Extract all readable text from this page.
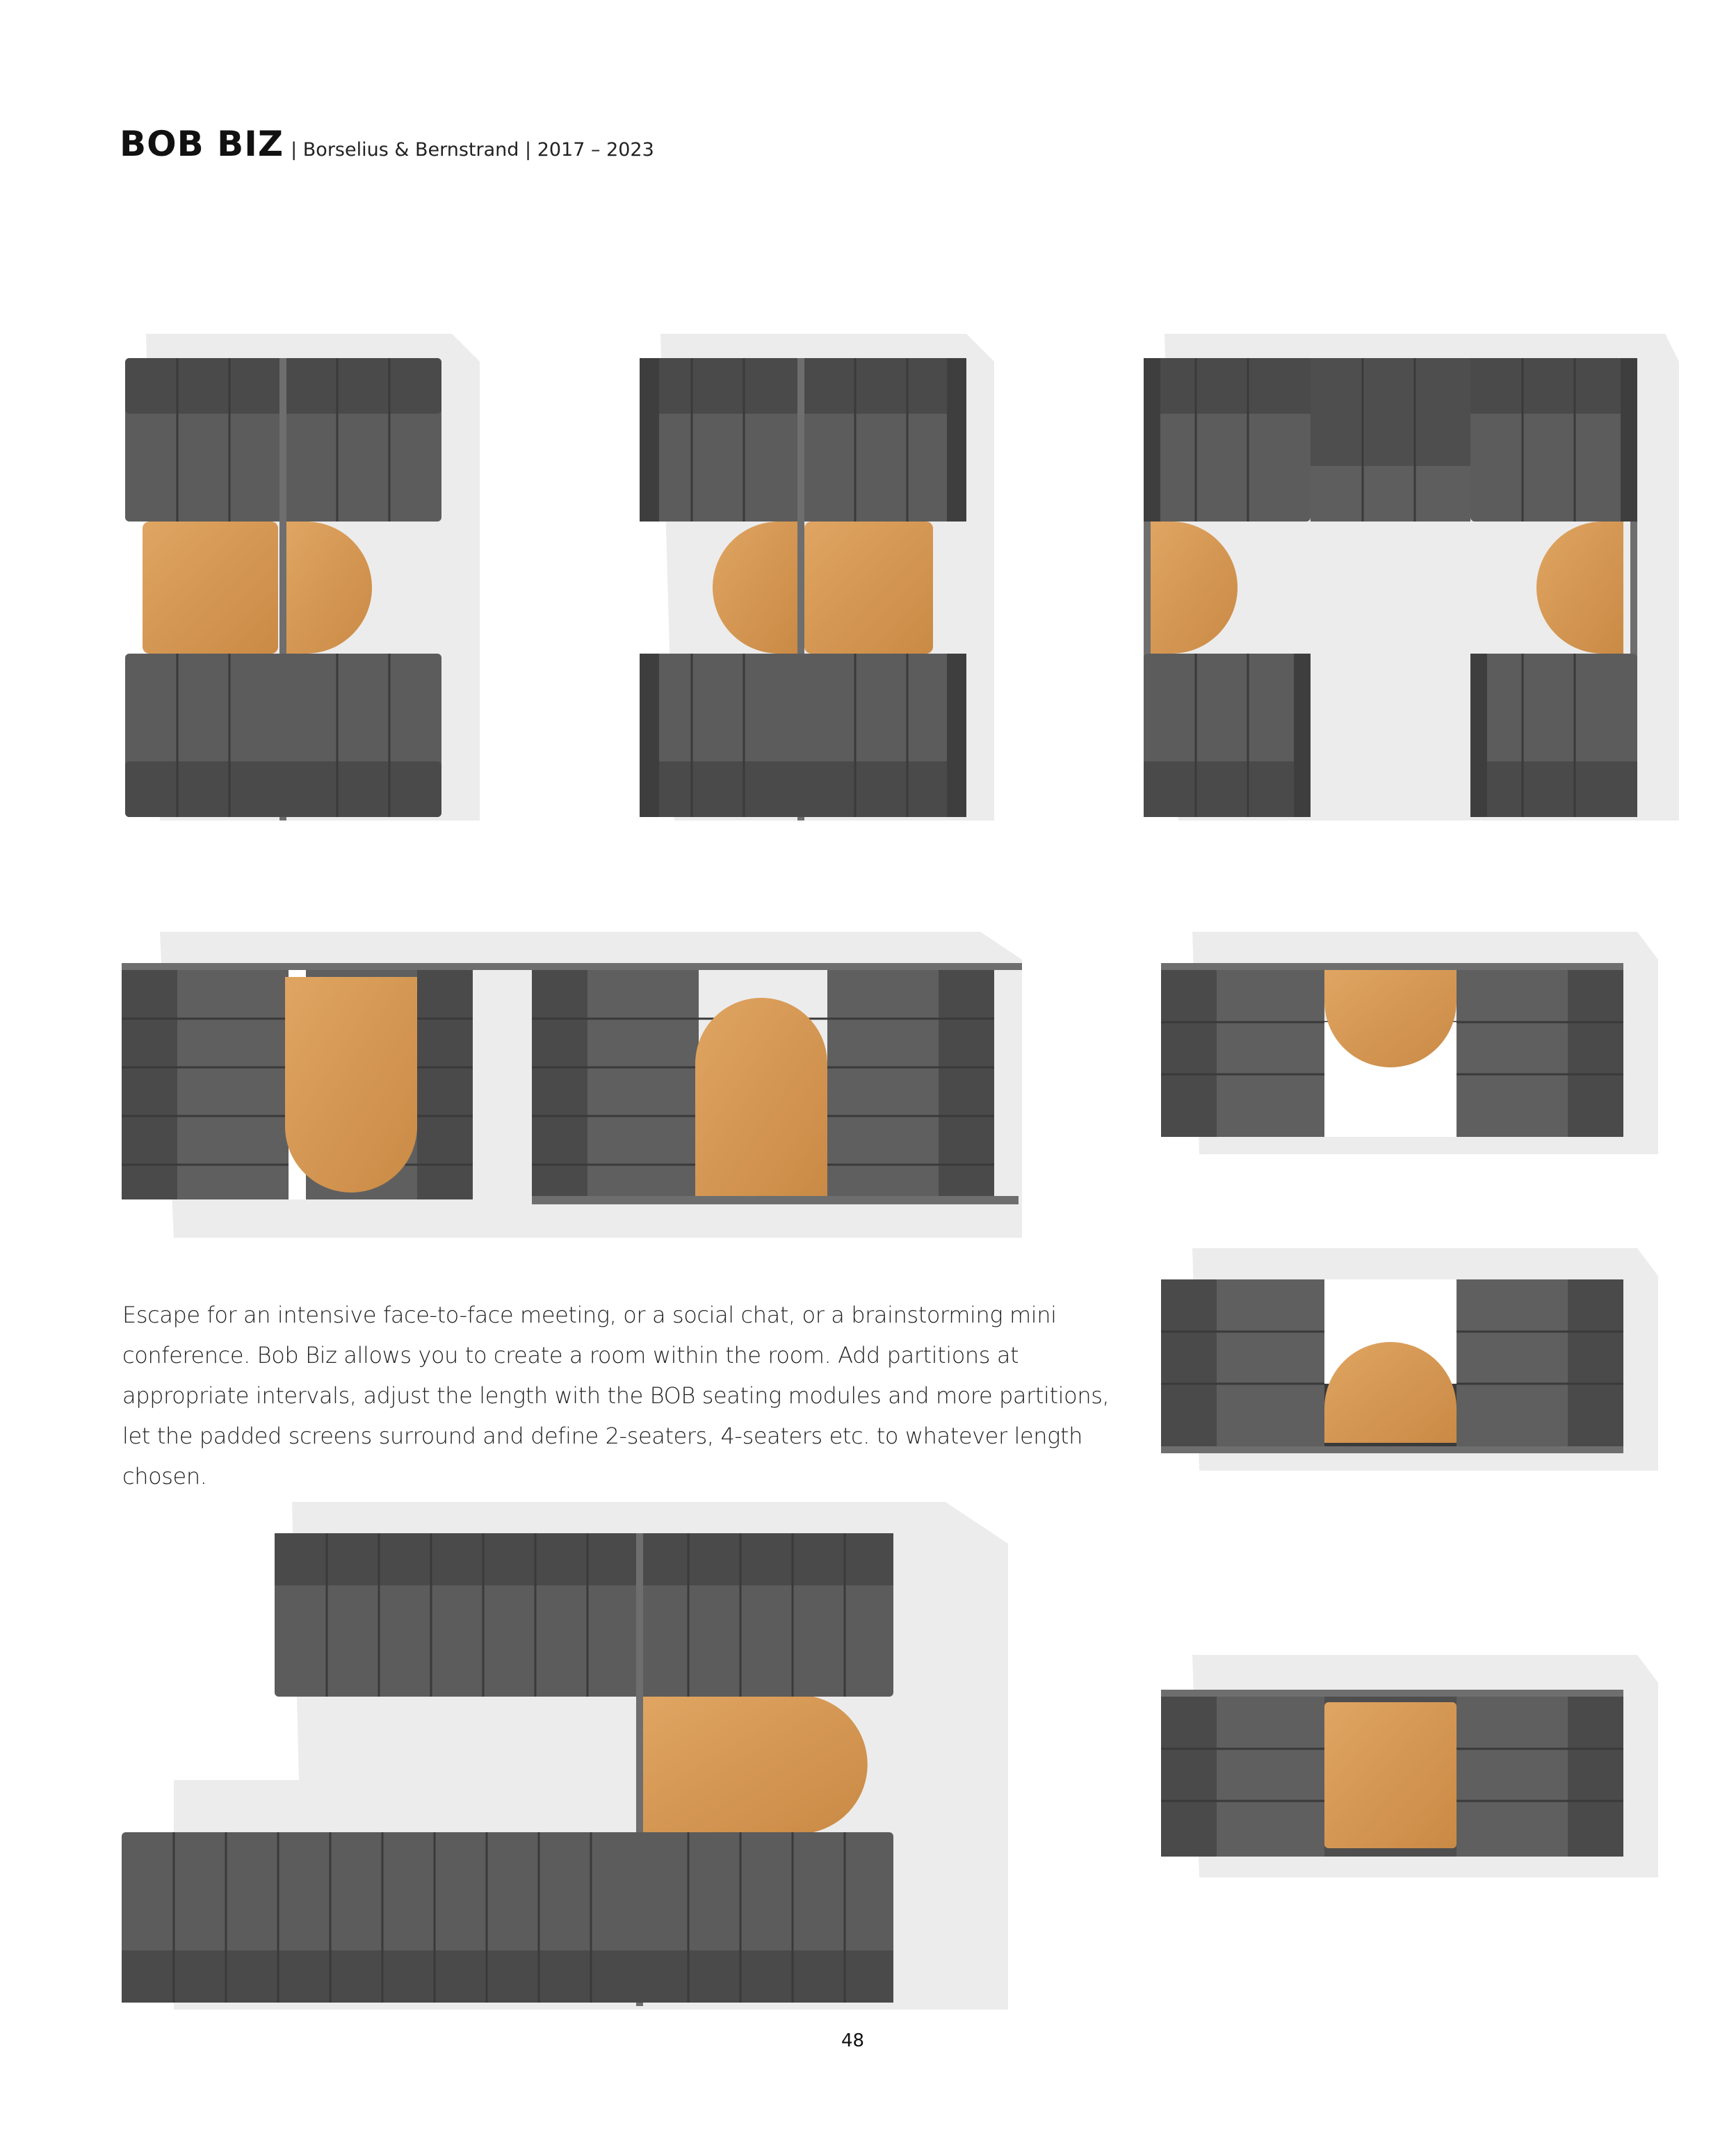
BOB BIZ | Borselius & Bernstrand | 2017 – 2023
Escape for an intensive face-to-face meeting, or a social chat, or a brainstorming mini conference. Bob Biz allows you to create a room within the room. Add partitions at appropriate intervals, adjust the length with the BOB seating modules and more partitions, let the padded screens surround and define 2-seaters, 4-seaters etc. to whatever length chosen.
48
